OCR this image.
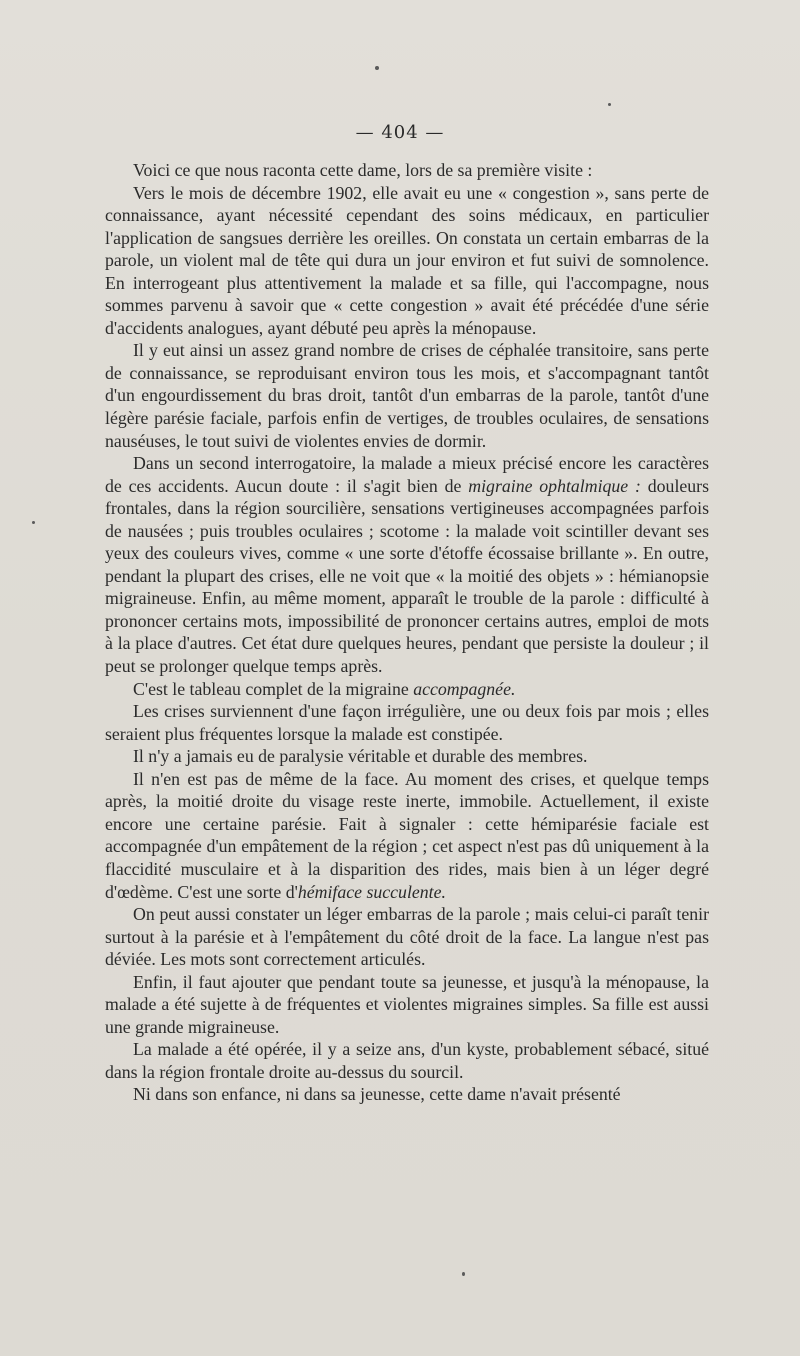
— 404 —

Voici ce que nous raconta cette dame, lors de sa première visite :

Vers le mois de décembre 1902, elle avait eu une « congestion », sans perte de connaissance, ayant nécessité cependant des soins médicaux, en particulier l'application de sangsues derrière les oreilles. On constata un certain embarras de la parole, un violent mal de tête qui dura un jour environ et fut suivi de somnolence. En interrogeant plus attentivement la malade et sa fille, qui l'accompagne, nous sommes parvenu à savoir que « cette congestion » avait été précédée d'une série d'accidents analogues, ayant débuté peu après la ménopause.

Il y eut ainsi un assez grand nombre de crises de céphalée transitoire, sans perte de connaissance, se reproduisant environ tous les mois, et s'accompagnant tantôt d'un engourdissement du bras droit, tantôt d'un embarras de la parole, tantôt d'une légère parésie faciale, parfois enfin de vertiges, de troubles oculaires, de sensations nauséuses, le tout suivi de violentes envies de dormir.

Dans un second interrogatoire, la malade a mieux précisé encore les caractères de ces accidents. Aucun doute : il s'agit bien de migraine ophtalmique : douleurs frontales, dans la région sourcilière, sensations vertigineuses accompagnées parfois de nausées ; puis troubles oculaires ; scotome : la malade voit scintiller devant ses yeux des couleurs vives, comme « une sorte d'étoffe écossaise brillante ». En outre, pendant la plupart des crises, elle ne voit que « la moitié des objets » : hémianopsie migraineuse. Enfin, au même moment, apparaît le trouble de la parole : difficulté à prononcer certains mots, impossibilité de prononcer certains autres, emploi de mots à la place d'autres. Cet état dure quelques heures, pendant que persiste la douleur ; il peut se prolonger quelque temps après.

C'est le tableau complet de la migraine accompagnée.

Les crises surviennent d'une façon irrégulière, une ou deux fois par mois ; elles seraient plus fréquentes lorsque la malade est constipée.

Il n'y a jamais eu de paralysie véritable et durable des membres.

Il n'en est pas de même de la face. Au moment des crises, et quelque temps après, la moitié droite du visage reste inerte, immobile. Actuellement, il existe encore une certaine parésie. Fait à signaler : cette hémiparésie faciale est accompagnée d'un empâtement de la région ; cet aspect n'est pas dû uniquement à la flaccidité musculaire et à la disparition des rides, mais bien à un léger degré d'œdème. C'est une sorte d'hémiface succulente.

On peut aussi constater un léger embarras de la parole ; mais celui-ci paraît tenir surtout à la parésie et à l'empâtement du côté droit de la face. La langue n'est pas déviée. Les mots sont correctement articulés.

Enfin, il faut ajouter que pendant toute sa jeunesse, et jusqu'à la ménopause, la malade a été sujette à de fréquentes et violentes migraines simples. Sa fille est aussi une grande migraineuse.

La malade a été opérée, il y a seize ans, d'un kyste, probablement sébacé, situé dans la région frontale droite au-dessus du sourcil.

Ni dans son enfance, ni dans sa jeunesse, cette dame n'avait présenté
